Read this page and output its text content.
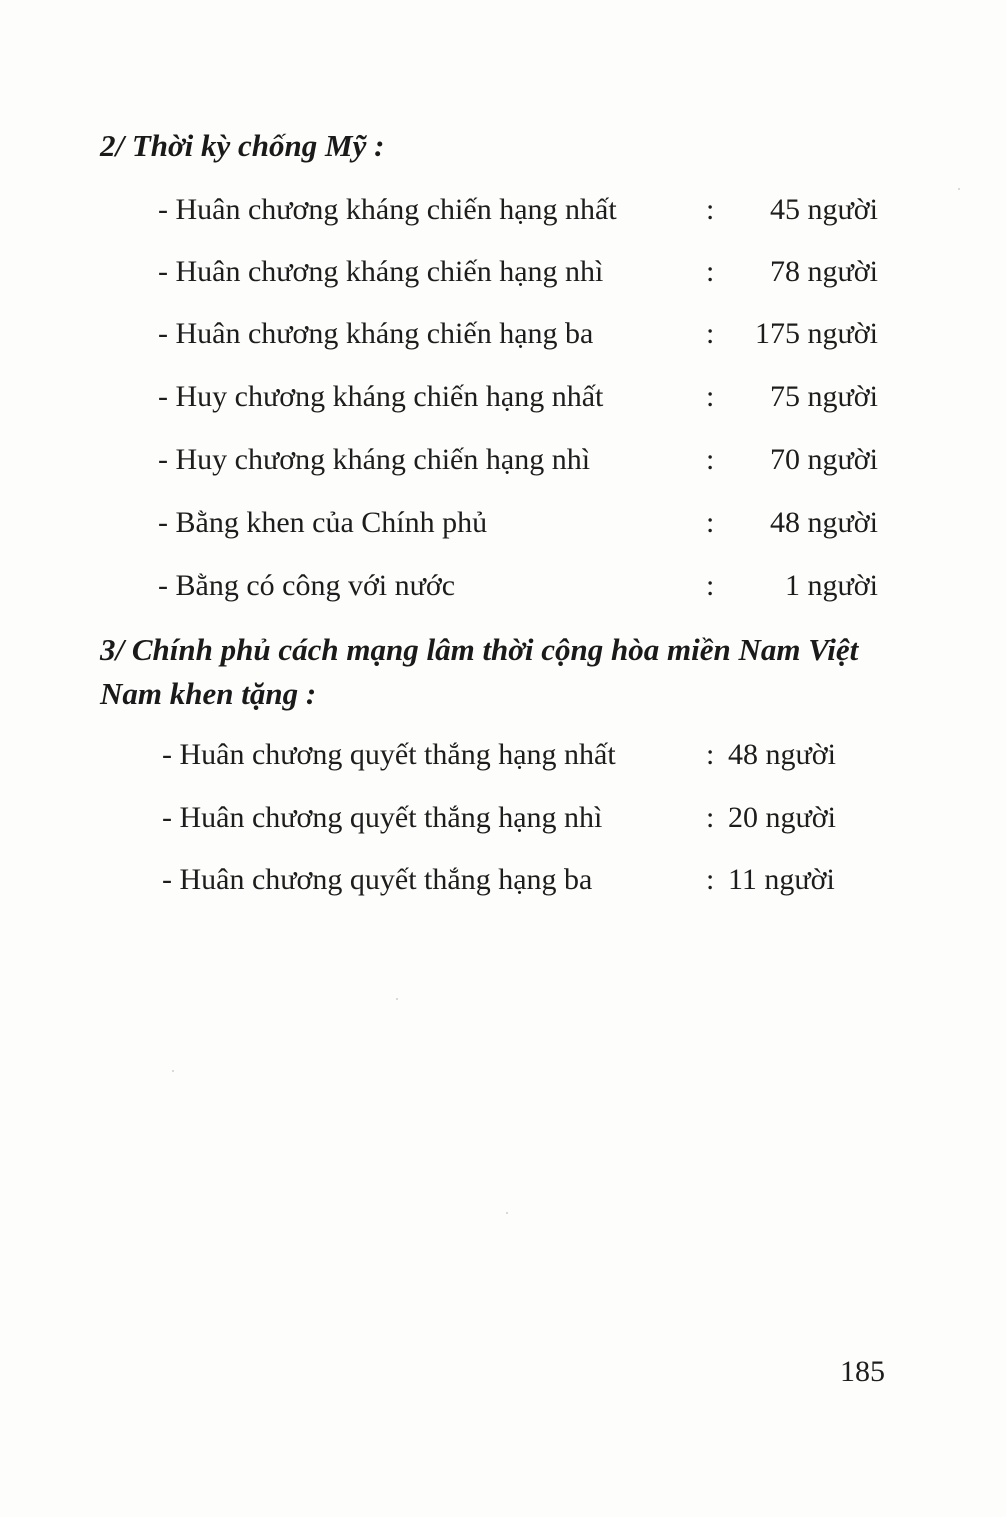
2/ Thời kỳ chống Mỹ :
- Huân chương kháng chiến hạng nhất	:	45 người
- Huân chương kháng chiến hạng nhì	:	78 người
- Huân chương kháng chiến hạng ba	:	175 người
- Huy chương kháng chiến hạng nhất	:	75 người
- Huy chương kháng chiến hạng nhì	:	70 người
- Bằng khen của Chính phủ	:	48 người
- Bằng có công với nước	:	1 người
3/ Chính phủ cách mạng lâm thời cộng hòa miền Nam Việt Nam khen tặng :
- Huân chương quyết thắng hạng nhất	: 48 người
- Huân chương quyết thắng hạng nhì	: 20 người
- Huân chương quyết thắng hạng ba	: 11 người
185
